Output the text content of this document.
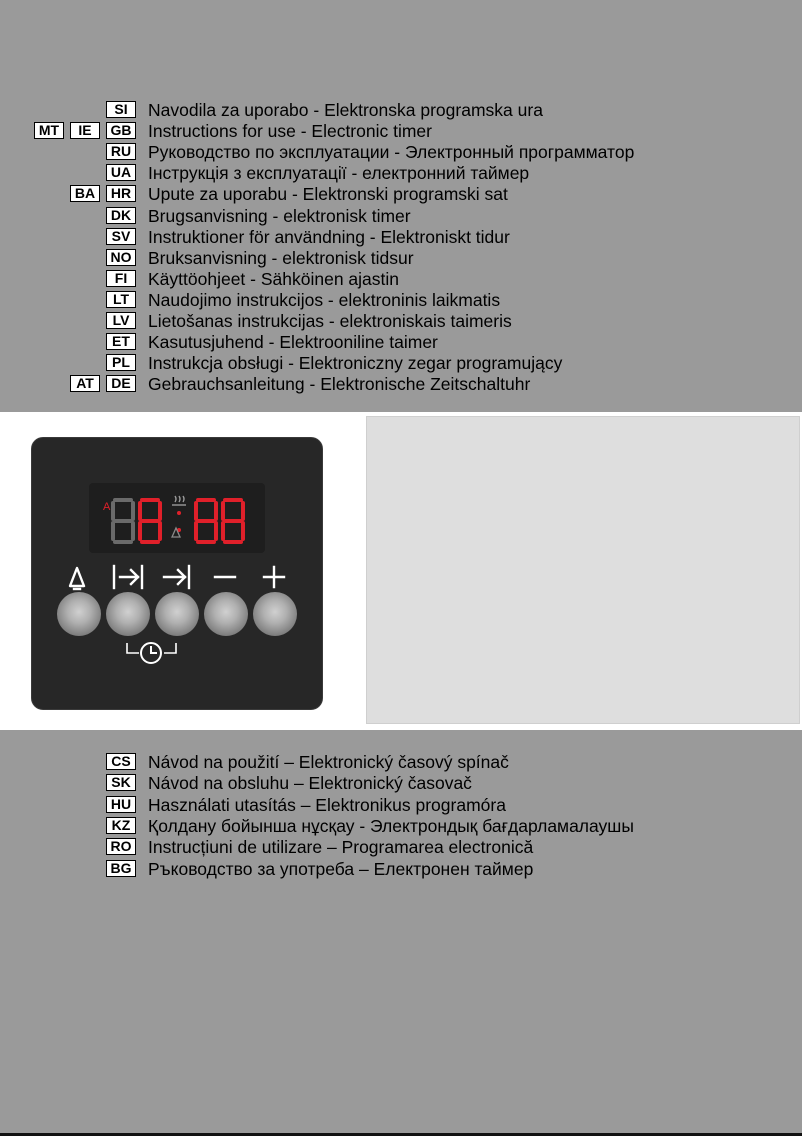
SI	Navodila za uporabo - Elektronska programska ura
MT	IE	GB Instructions for use - Electronic timer
RU Руководство по эксплуатации - Электронный программатор
UA Інструкція з експлуатації - електронний таймер
BA	HR Upute za uporabu - Elektronski programski sat
DK Brugsanvisning - elektronisk timer
SV	Instruktioner för användning - Elektroniskt tidur
NO Bruksanvisning - elektronisk tidsur
FI	Käyttöohjeet - Sähköinen ajastin
LT	Naudojimo instrukcijos - elektroninis laikmatis
LV	Lietošanas instrukcijas - elektroniskais taimeris
ET	Kasutusjuhend - Elektrooniline taimer
PL	Instrukcja obsługi - Elektroniczny zegar programujący
AT	DE Gebrauchsanleitung - Elektronische Zeitschaltuhr
CS Návod na použití – Elektronický časový spínač
SK Návod na obsluhu – Elektronický časovač
HU Használati utasítás – Elektronikus programóra
KZ	Қолдану бойынша нұсқау - Электрондық бағдарламалаушы
RO Instrucțiuni de utilizare – Programarea electronică
BG Ръководство за употреба – Електронен таймер
A
